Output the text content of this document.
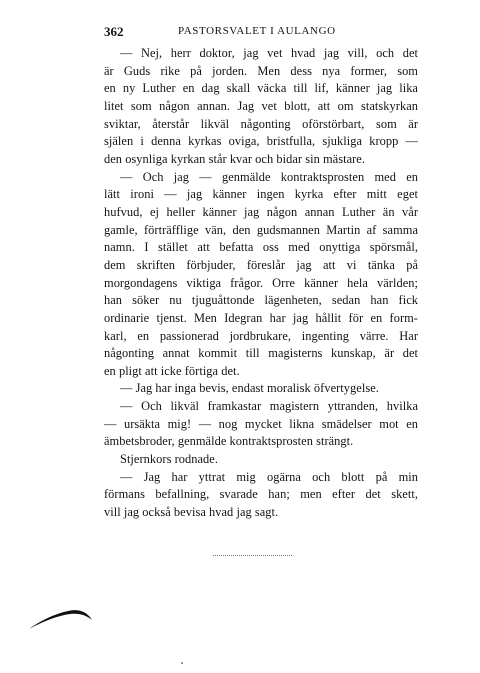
362	PASTORSVALET I AULANGO
— Nej, herr doktor, jag vet hvad jag vill, och det
är Guds rike på jorden. Men dess nya former, som
en ny Luther en dag skall väcka till lif, känner jag lika
litet som någon annan. Jag vet blott, att om statskyrkan
sviktar, återstår likväl någonting oförstörbart, som är
själen i denna kyrkas oviga, bristfulla, sjukliga kropp —
den osynliga kyrkan står kvar och bidar sin mästare.
— Och jag — genmälde kontraktsprosten med en
lätt ironi — jag känner ingen kyrka efter mitt eget
hufvud, ej heller känner jag någon annan Luther än vår
gamle, förträfflige vän, den gudsmannen Martin af samma
namn. I stället att befatta oss med onyttiga spörsmål,
dem skriften förbjuder, föreslår jag att vi tänka på
morgondagens viktiga frågor. Orre känner hela världen;
han söker nu tjuguåttonde lägenheten, sedan han fick
ordinarie tjenst. Men Idegran har jag hållit för en form-
karl, en passionerad jordbrukare, ingenting värre. Har
någonting annat kommit till magisterns kunskap, är det
en pligt att icke förtiga det.
— Jag har inga bevis, endast moralisk öfvertygelse.
— Och likväl framkastar magistern yttranden, hvilka
— ursäkta mig! — nog mycket likna smädelser mot en
ämbetsbroder, genmälde kontraktsprosten strängt.
Stjernkors rodnade.
— Jag har yttrat mig ogärna och blott på min
förmans befallning, svarade han; men efter det skett,
vill jag också bevisa hvad jag sagt.
